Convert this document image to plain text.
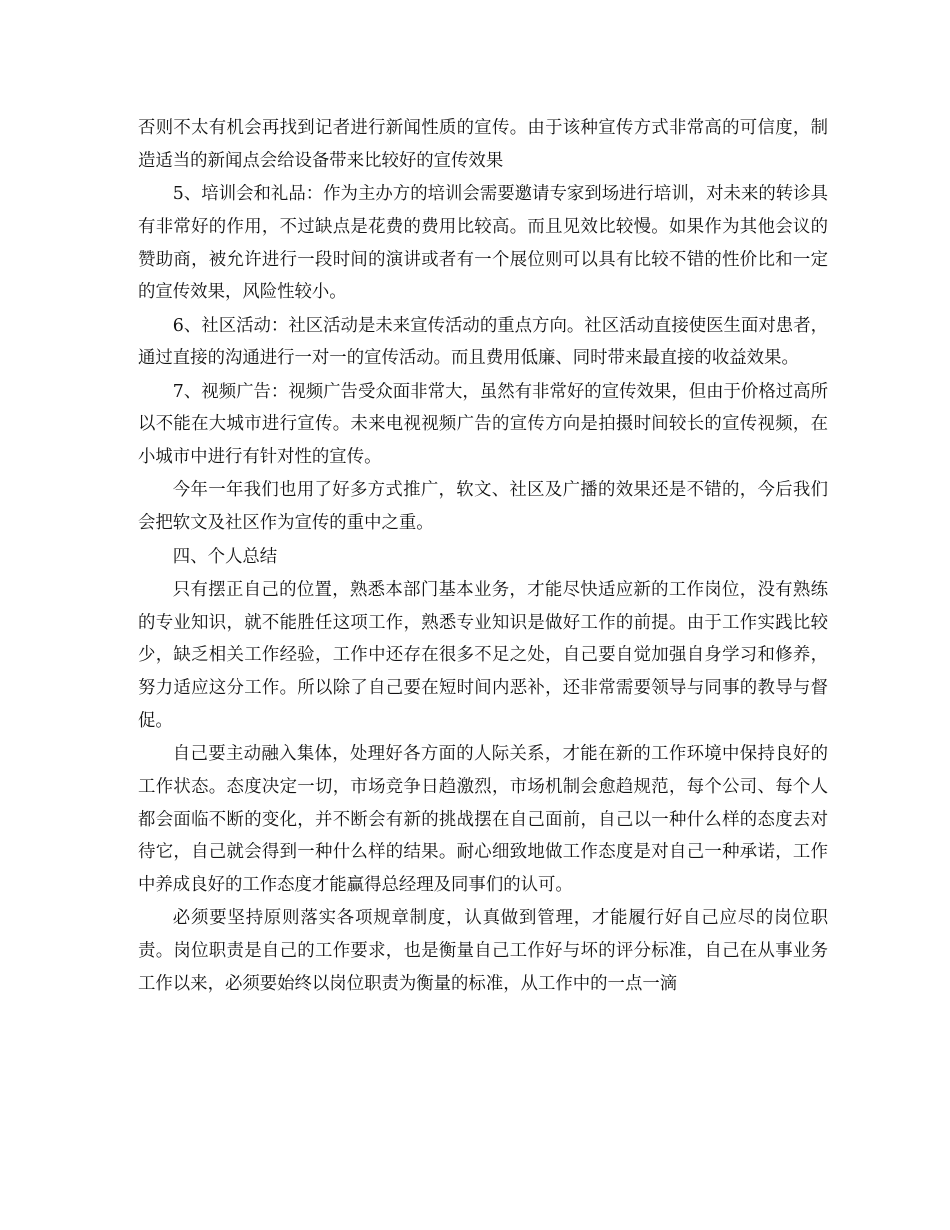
否则不太有机会再找到记者进行新闻性质的宣传。由于该种宣传方式非常高的可信度，制造适当的新闻点会给设备带来比较好的宣传效果

5、培训会和礼品：作为主办方的培训会需要邀请专家到场进行培训，对未来的转诊具有非常好的作用，不过缺点是花费的费用比较高。而且见效比较慢。如果作为其他会议的赞助商，被允许进行一段时间的演讲或者有一个展位则可以具有比较不错的性价比和一定的宣传效果，风险性较小。

6、社区活动：社区活动是未来宣传活动的重点方向。社区活动直接使医生面对患者，通过直接的沟通进行一对一的宣传活动。而且费用低廉、同时带来最直接的收益效果。

7、视频广告：视频广告受众面非常大，虽然有非常好的宣传效果，但由于价格过高所以不能在大城市进行宣传。未来电视视频广告的宣传方向是拍摄时间较长的宣传视频，在小城市中进行有针对性的宣传。

今年一年我们也用了好多方式推广，软文、社区及广播的效果还是不错的，今后我们会把软文及社区作为宣传的重中之重。

四、个人总结

只有摆正自己的位置，熟悉本部门基本业务，才能尽快适应新的工作岗位，没有熟练的专业知识，就不能胜任这项工作，熟悉专业知识是做好工作的前提。由于工作实践比较少，缺乏相关工作经验，工作中还存在很多不足之处，自己要自觉加强自身学习和修养，努力适应这分工作。所以除了自己要在短时间内恶补，还非常需要领导与同事的教导与督促。

自己要主动融入集体，处理好各方面的人际关系，才能在新的工作环境中保持良好的工作状态。态度决定一切，市场竞争日趋激烈，市场机制会愈趋规范，每个公司、每个人都会面临不断的变化，并不断会有新的挑战摆在自己面前，自己以一种什么样的态度去对待它，自己就会得到一种什么样的结果。耐心细致地做工作态度是对自己一种承诺，工作中养成良好的工作态度才能赢得总经理及同事们的认可。

必须要坚持原则落实各项规章制度，认真做到管理，才能履行好自己应尽的岗位职责。岗位职责是自己的工作要求，也是衡量自己工作好与坏的评分标准，自己在从事业务工作以来，必须要始终以岗位职责为衡量的标准，从工作中的一点一滴
